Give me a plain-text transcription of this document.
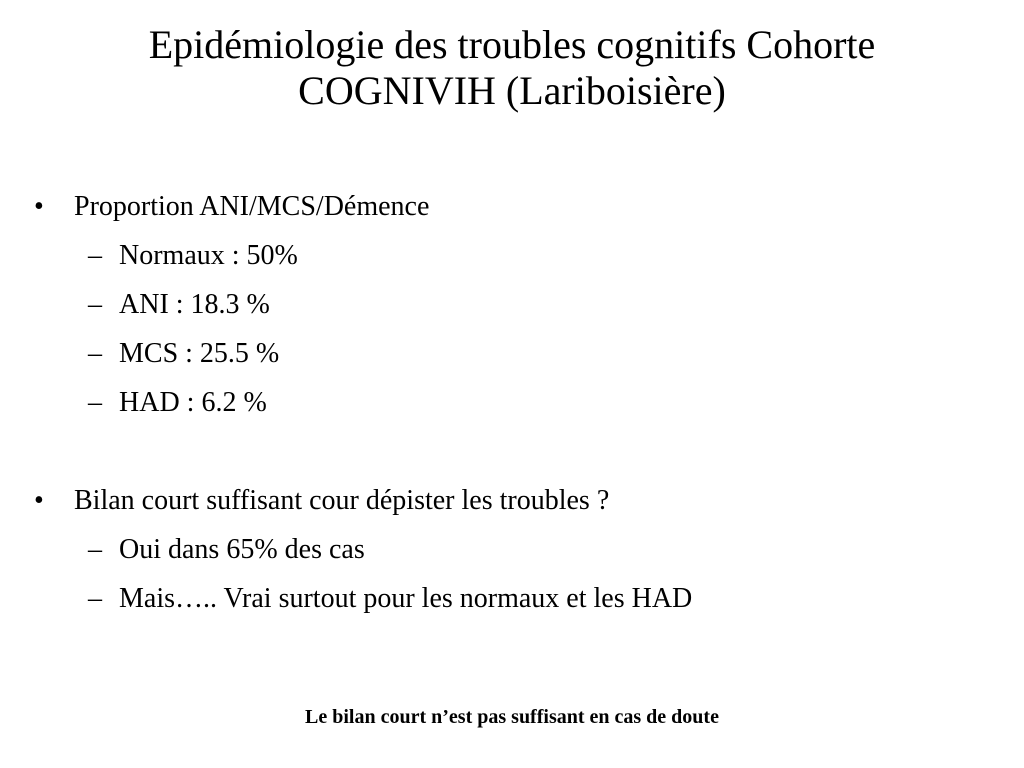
Epidémiologie des troubles cognitifs Cohorte
COGNIVIH (Lariboisière)
• Proportion ANI/MCS/Démence
– Normaux : 50%
– ANI : 18.3 %
– MCS : 25.5 %
– HAD : 6.2 %
• Bilan court suffisant cour dépister les troubles ?
– Oui dans 65% des cas
– Mais….. Vrai surtout pour les normaux et les HAD
Le bilan court n’est pas suffisant en cas de doute
